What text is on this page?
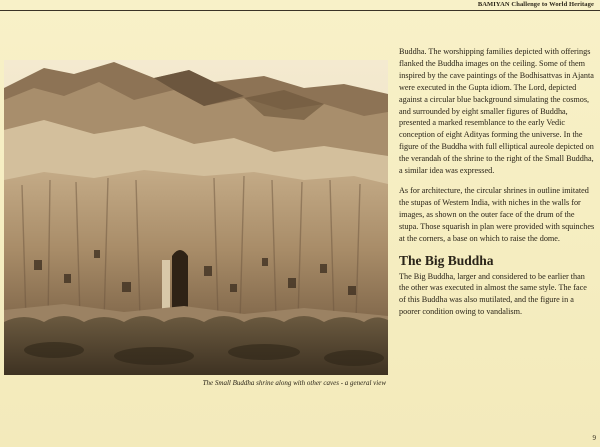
BAMIYAN Challenge to World Heritage
The Small Buddha shrine along with other caves - a general view

Buddha. The worshipping families depicted with offerings flanked the Buddha images on the ceiling. Some of them inspired by the cave paintings of the Bodhisattvas in Ajanta were executed in the Gupta idiom. The Lord, depicted against a circular blue background simulating the cosmos, and surrounded by eight smaller figures of Buddha, presented a marked resemblance to the early Vedic conception of eight Adityas forming the universe. In the figure of the Buddha with full elliptical aureole depicted on the verandah of the shrine to the right of the Small Buddha, a similar idea was expressed.

As for architecture, the circular shrines in outline imitated the stupas of Western India, with niches in the walls for images, as shown on the outer face of the drum of the stupa. Those squarish in plan were provided with squinches at the corners, a base on which to raise the dome.

The Big Buddha

The Big Buddha, larger and considered to be earlier than the other was executed in almost the same style. The face of this Buddha was also mutilated, and the figure in a poorer condition owing to vandalism.

9
